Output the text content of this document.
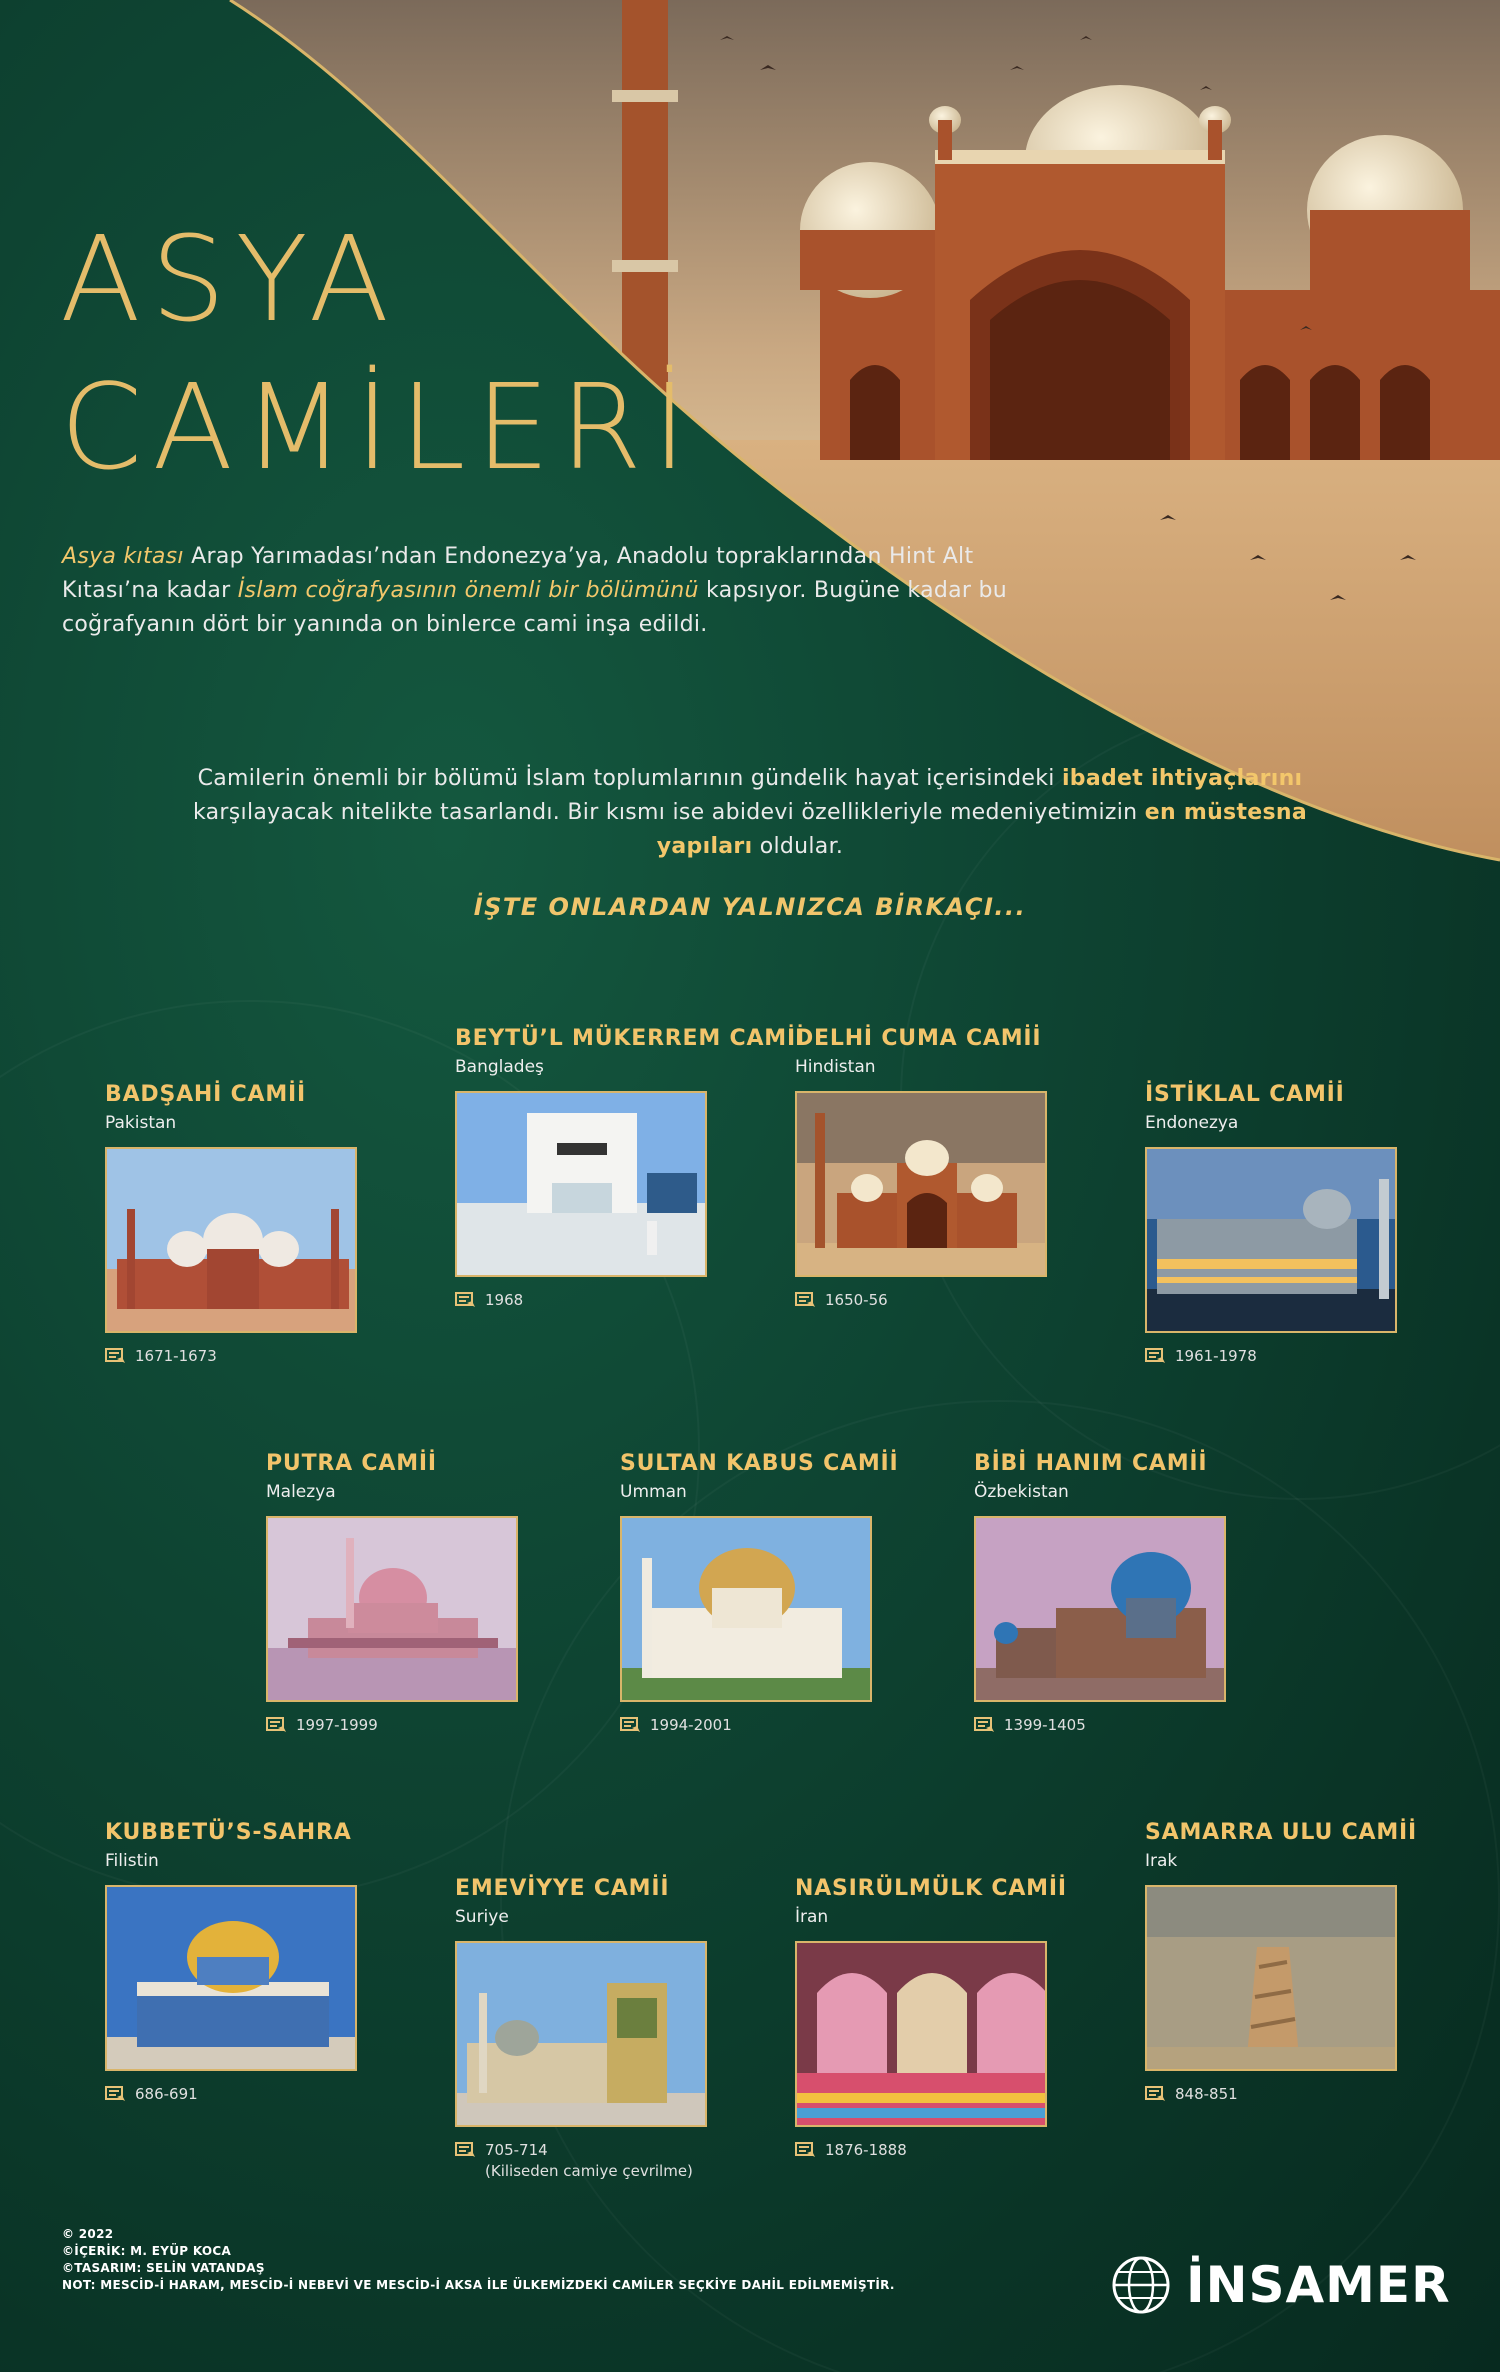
ASYA
CAMİLERİ

Asya kıtası Arap Yarımadası’ndan Endonezya’ya, Anadolu topraklarından Hint Alt Kıtası’na kadar İslam coğrafyasının önemli bir bölümünü kapsıyor. Bugüne kadar bu coğrafyanın dört bir yanında on binlerce cami inşa edildi.

Camilerin önemli bir bölümü İslam toplumlarının gündelik hayat içerisindeki ibadet ihtiyaçlarını karşılayacak nitelikte tasarlandı. Bir kısmı ise abidevi özellikleriyle medeniyetimizin en müstesna yapıları oldular.

İŞTE ONLARDAN YALNIZCA BİRKAÇI...
BADŞAHİ CAMİİ
Pakistan
1671-1673
BEYTÜ’L MÜKERREM CAMİİ
Bangladeş
1968
DELHİ CUMA CAMİİ
Hindistan
1650-56
İSTİKLAL CAMİİ
Endonezya
1961-1978
PUTRA CAMİİ
Malezya
1997-1999
SULTAN KABUS CAMİİ
Umman
1994-2001
BİBİ HANIM CAMİİ
Özbekistan
1399-1405
KUBBETÜ’S-SAHRA
Filistin
686-691
EMEVİYYE CAMİİ
Suriye
705-714
(Kiliseden camiye çevrilme)
NASIRÜLMÜLK CAMİİ
İran
1876-1888
SAMARRA ULU CAMİİ
Irak
848-851
© 2022
©İÇERİK: M. EYÜP KOCA
©TASARIM: SELİN VATANDAŞ
NOT: MESCİD-İ HARAM, MESCİD-İ NEBEVİ VE MESCİD-İ AKSA İLE ÜLKEMİZDEKİ CAMİLER SEÇKİYE DAHİL EDİLMEMİŞTİR.	İNSAMER
